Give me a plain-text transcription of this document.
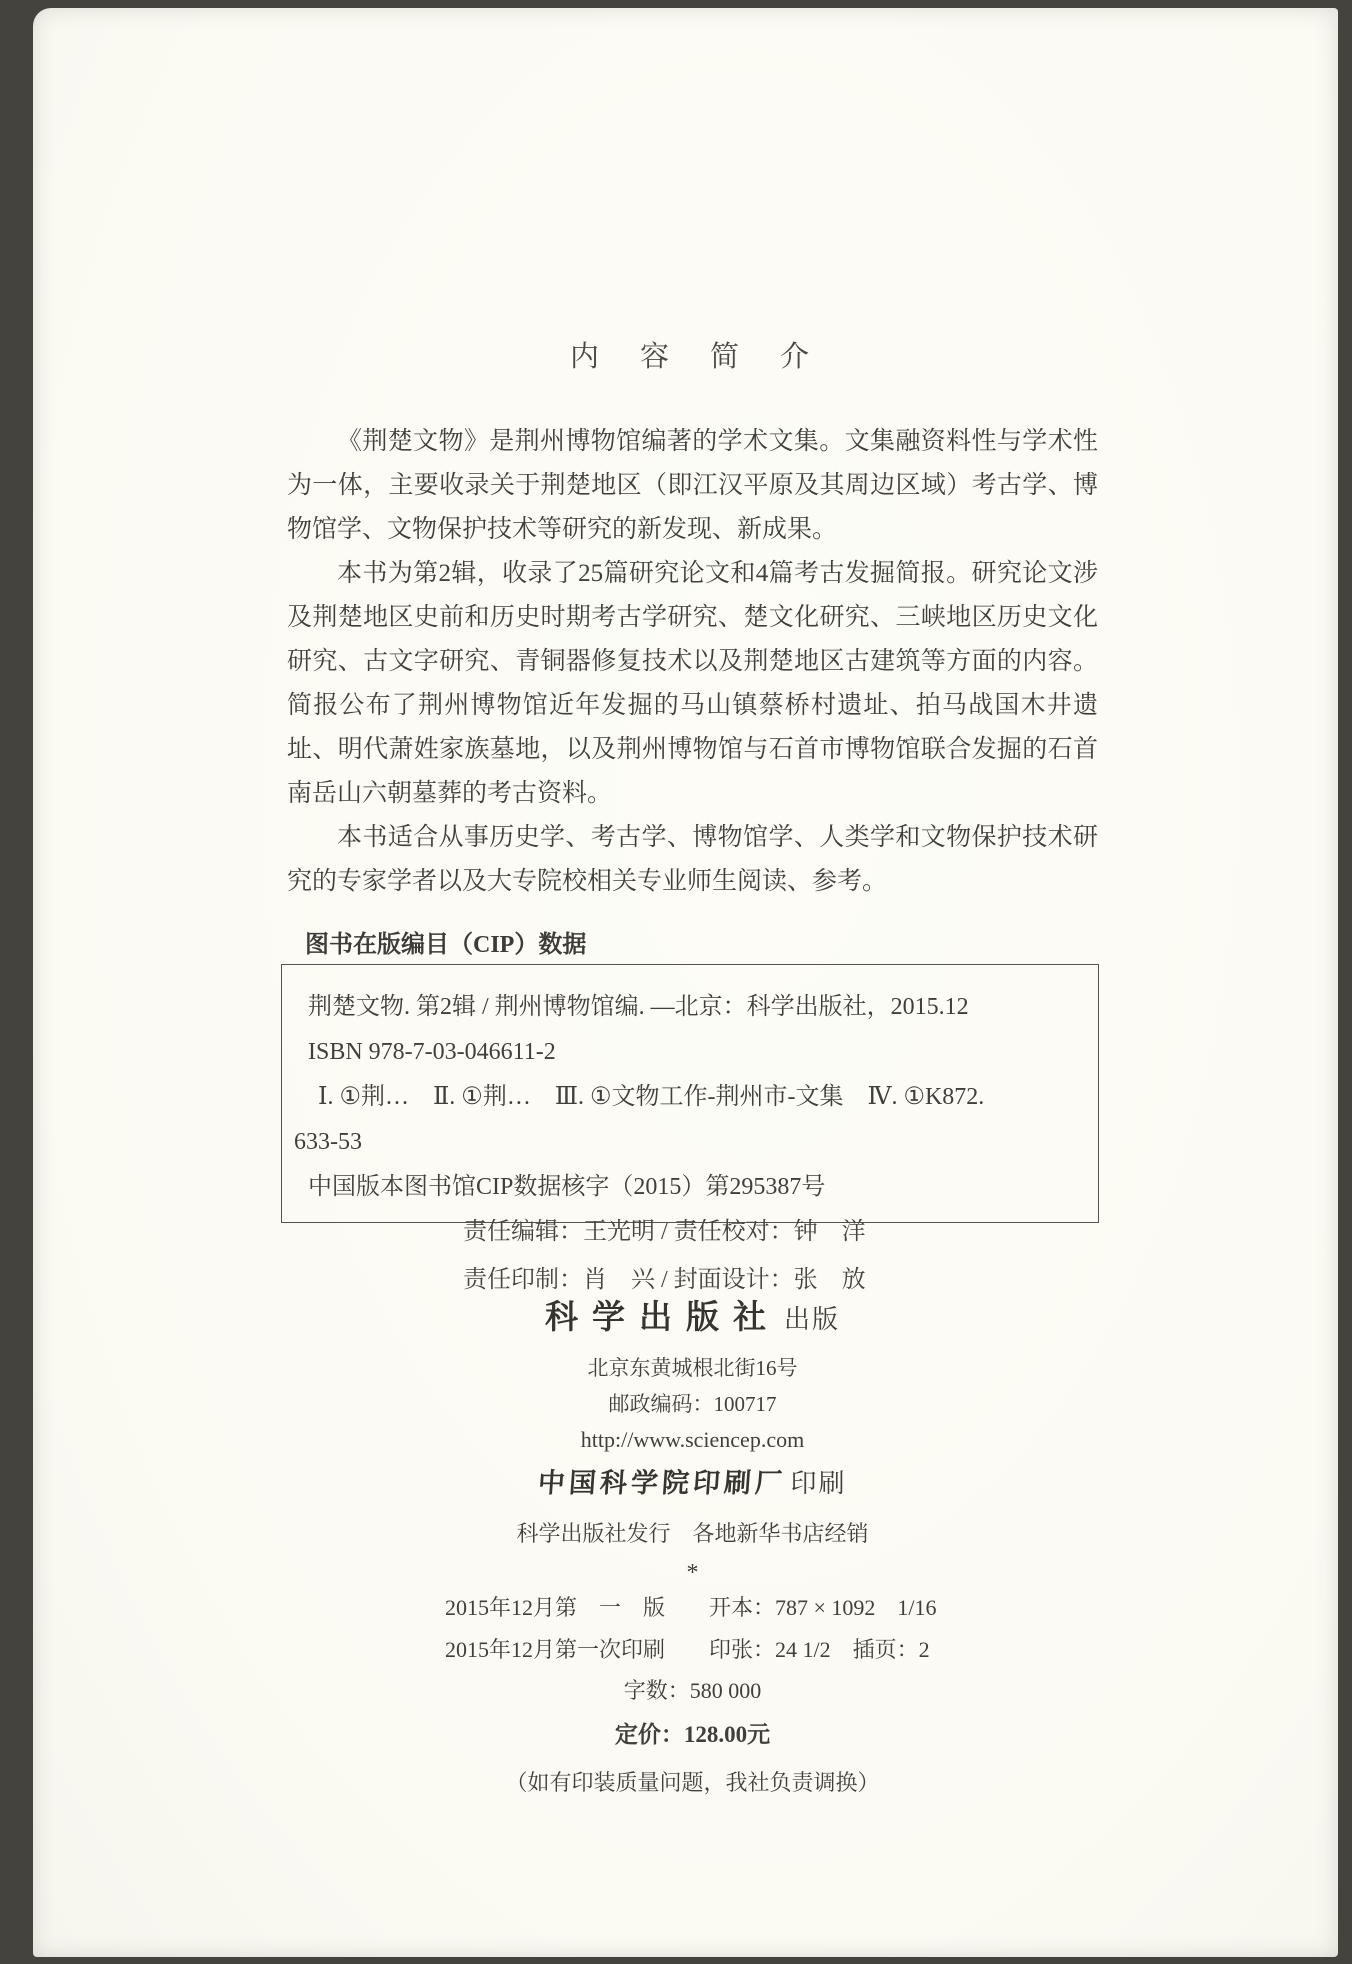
内　容　简　介

《荆楚文物》是荆州博物馆编著的学术文集。文集融资料性与学术性为一体，主要收录关于荆楚地区（即江汉平原及其周边区域）考古学、博物馆学、文物保护技术等研究的新发现、新成果。

本书为第2辑，收录了25篇研究论文和4篇考古发掘简报。研究论文涉及荆楚地区史前和历史时期考古学研究、楚文化研究、三峡地区历史文化研究、古文字研究、青铜器修复技术以及荆楚地区古建筑等方面的内容。简报公布了荆州博物馆近年发掘的马山镇蔡桥村遗址、拍马战国木井遗址、明代萧姓家族墓地，以及荆州博物馆与石首市博物馆联合发掘的石首南岳山六朝墓葬的考古资料。

本书适合从事历史学、考古学、博物馆学、人类学和文物保护技术研究的专家学者以及大专院校相关专业师生阅读、参考。

图书在版编目（CIP）数据
荆楚文物. 第2辑 / 荆州博物馆编. —北京：科学出版社，2015.12
ISBN 978-7-03-046611-2
Ⅰ. ①荆…　Ⅱ. ①荆…　Ⅲ. ①文物工作-荆州市-文集　Ⅳ. ①K872.
633-53
中国版本图书馆CIP数据核字（2015）第295387号
责任编辑：王光明 / 责任校对：钟　洋
责任印制：肖　兴 / 封面设计：张　放
科学出版社 出版
北京东黄城根北街16号
邮政编码：100717
http://www.sciencep.com
中国科学院印刷厂 印刷
科学出版社发行　各地新华书店经销
*
2015年12月第　一　版	开本：787 × 1092　1/16
2015年12月第一次印刷	印张：24 1/2　插页：2
字数：580 000
定价：128.00元
（如有印装质量问题，我社负责调换）
